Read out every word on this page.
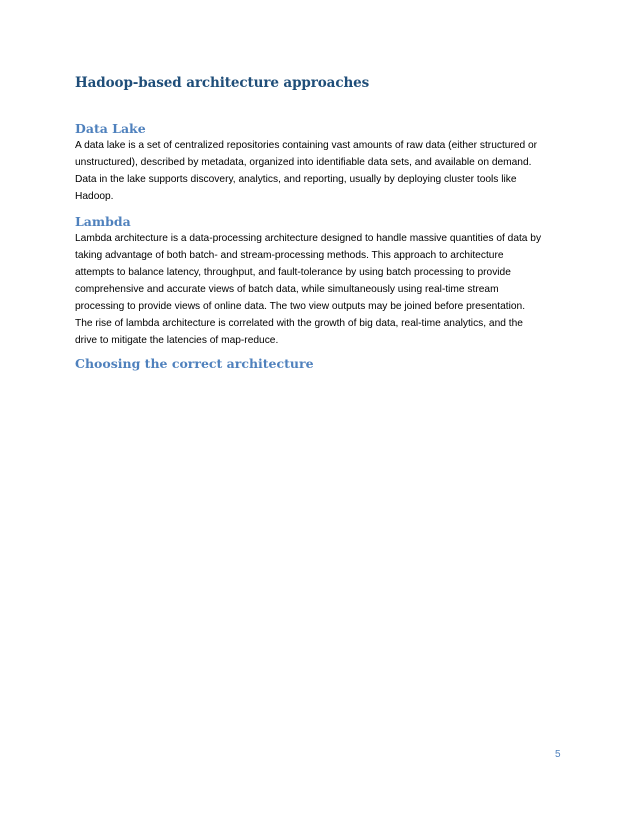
Hadoop-based architecture approaches
Data Lake

A data lake is a set of centralized repositories containing vast amounts of raw data (either structured or
unstructured), described by metadata, organized into identifiable data sets, and available on demand.
Data in the lake supports discovery, analytics, and reporting, usually by deploying cluster tools like
Hadoop.

Lambda

Lambda architecture is a data-processing architecture designed to handle massive quantities of data by
taking advantage of both batch- and stream-processing methods. This approach to architecture
attempts to balance latency, throughput, and fault-tolerance by using batch processing to provide
comprehensive and accurate views of batch data, while simultaneously using real-time stream
processing to provide views of online data. The two view outputs may be joined before presentation.
The rise of lambda architecture is correlated with the growth of big data, real-time analytics, and the
drive to mitigate the latencies of map-reduce.

Choosing the correct architecture
5
